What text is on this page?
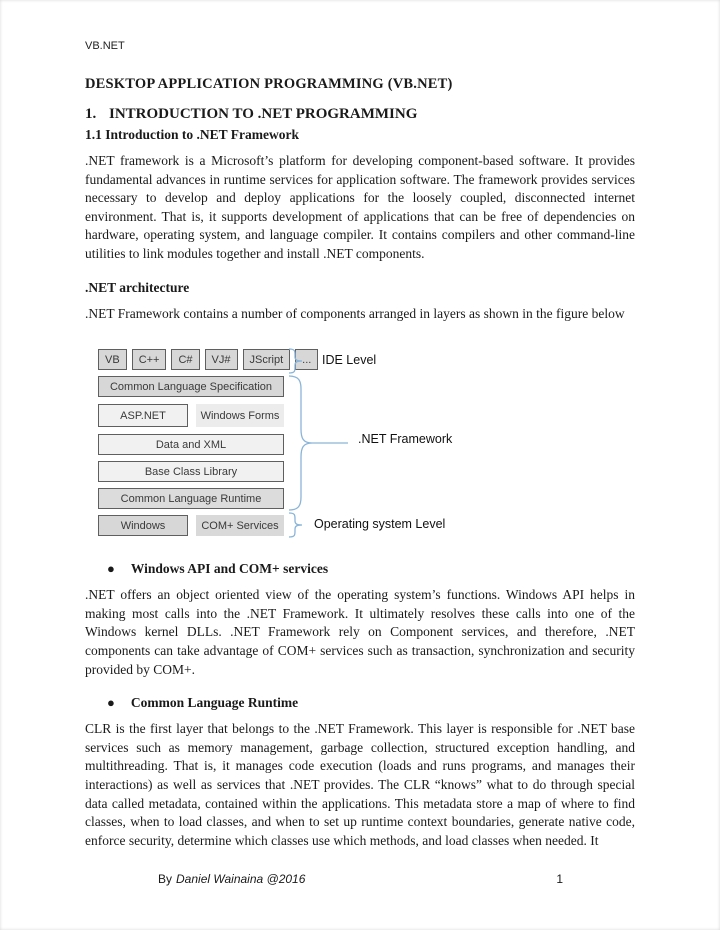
VB.NET
DESKTOP APPLICATION PROGRAMMING (VB.NET)
1. INTRODUCTION TO .NET PROGRAMMING
1.1 Introduction to .NET Framework

.NET framework is a Microsoft’s platform for developing component-based software. It provides fundamental advances in runtime services for application software. The framework provides services necessary to develop and deploy applications for the loosely coupled, disconnected internet environment. That is, it supports development of applications that can be free of dependencies on hardware, operating system, and language compiler. It contains compilers and other command-line utilities to link modules together and install .NET components.

.NET architecture

.NET Framework contains a number of components arranged in layers as shown in the figure below

VB	C++	C#	VJ#	JScript	...
Common Language Specification
ASP.NET	Windows Forms
Data and XML
Base Class Library
Common Language Runtime
Windows	COM+ Services
IDE Level
.NET Framework
Operating system Level
● Windows API and COM+ services

.NET offers an object oriented view of the operating system’s functions. Windows API helps in making most calls into the .NET Framework. It ultimately resolves these calls into one of the Windows kernel DLLs. .NET Framework rely on Component services, and therefore, .NET components can take advantage of COM+ services such as transaction, synchronization and security provided by COM+.

● Common Language Runtime

CLR is the first layer that belongs to the .NET Framework. This layer is responsible for .NET base services such as memory management, garbage collection, structured exception handling, and multithreading. That is, it manages code execution (loads and runs programs, and manages their interactions) as well as services that .NET provides. The CLR “knows” what to do through special data called metadata, contained within the applications. This metadata store a map of where to find classes, when to load classes, and when to set up runtime context boundaries, generate native code, enforce security, determine which classes use which methods, and load classes when needed. It

By Daniel Wainaina @2016	1
